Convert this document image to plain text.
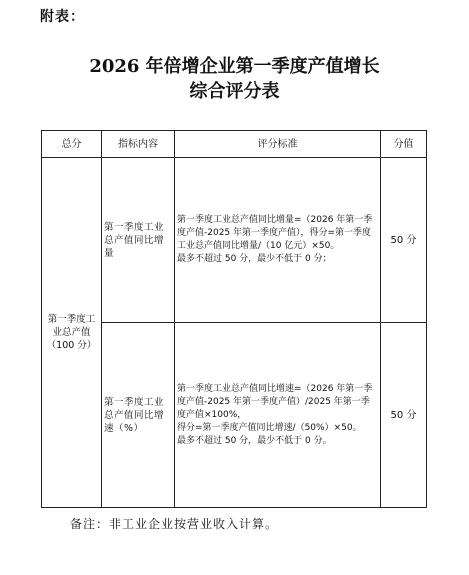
附表：
2026 年倍增企业第一季度产值增长
综合评分表
总分	指标内容	评分标准	分值
第一季度工业总产值（100 分）	第一季度工业总产值同比增量	第一季度工业总产值同比增量=（2026 年第一季度产值-2025 年第一季度产值），得分=第一季度工业总产值同比增量/（10 亿元）×50。
最多不超过 50 分，最少不低于 0 分；	50 分
	第一季度工业总产值同比增速（%）	第一季度工业总产值同比增速=（2026 年第一季度产值-2025 年第一季度产值）/2025 年第一季度产值×100%，
得分=第一季度产值同比增速/（50%）×50。
最多不超过 50 分，最少不低于 0 分。	50 分
备注：非工业企业按营业收入计算。
